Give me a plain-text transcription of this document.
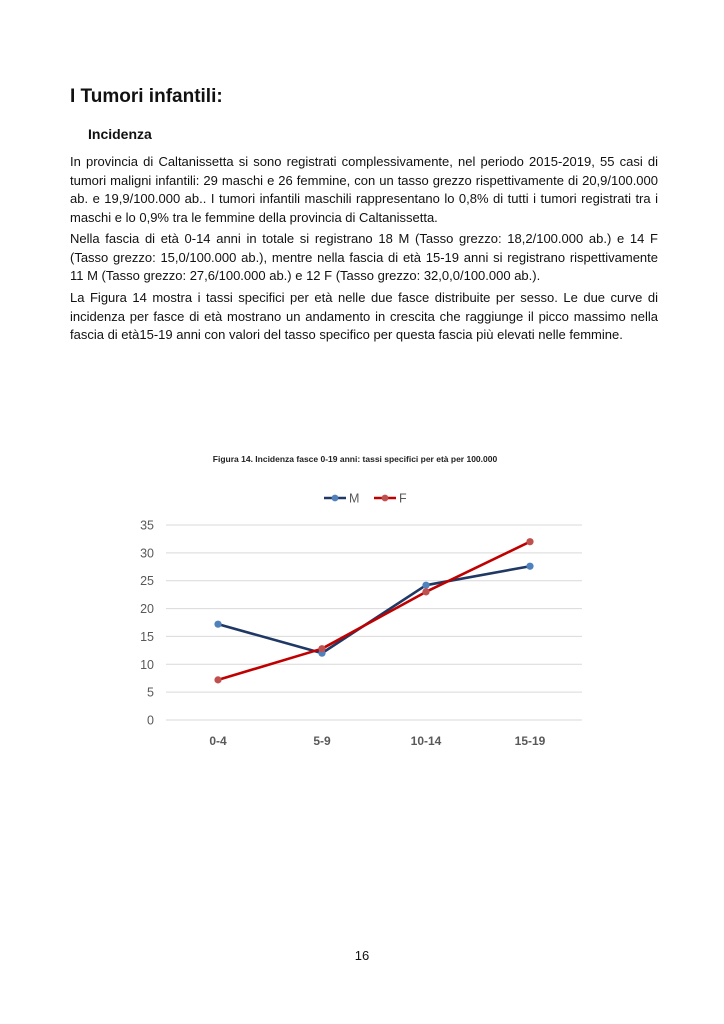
I Tumori infantili:
Incidenza

In provincia di Caltanissetta si sono registrati complessivamente, nel periodo 2015-2019, 55 casi di tumori maligni infantili: 29 maschi e 26 femmine, con un tasso grezzo rispettivamente di 20,9/100.000 ab. e 19,9/100.000 ab.. I tumori infantili maschili rappresentano lo 0,8% di tutti i tumori registrati tra i maschi e lo 0,9% tra le femmine della provincia di Caltanissetta.

Nella fascia di età 0-14 anni in totale si registrano 18 M (Tasso grezzo: 18,2/100.000 ab.) e 14 F (Tasso grezzo: 15,0/100.000 ab.), mentre nella fascia di età 15-19 anni si registrano rispettivamente 11 M (Tasso grezzo: 27,6/100.000 ab.) e 12 F (Tasso grezzo: 32,0,0/100.000 ab.).

La Figura 14 mostra i tassi specifici per età nelle due fasce distribuite per sesso. Le due curve di incidenza per fasce di età mostrano un andamento in crescita che raggiunge il picco massimo nella fascia di età15-19 anni con valori del tasso specifico per questa fascia più elevati nelle femmine.

Figura 14. Incidenza fasce 0-19 anni: tassi specifici per età per 100.000
M	F
0
5
10
15
20
25
30
35
0-4	5-9	10-14	15-19
16
